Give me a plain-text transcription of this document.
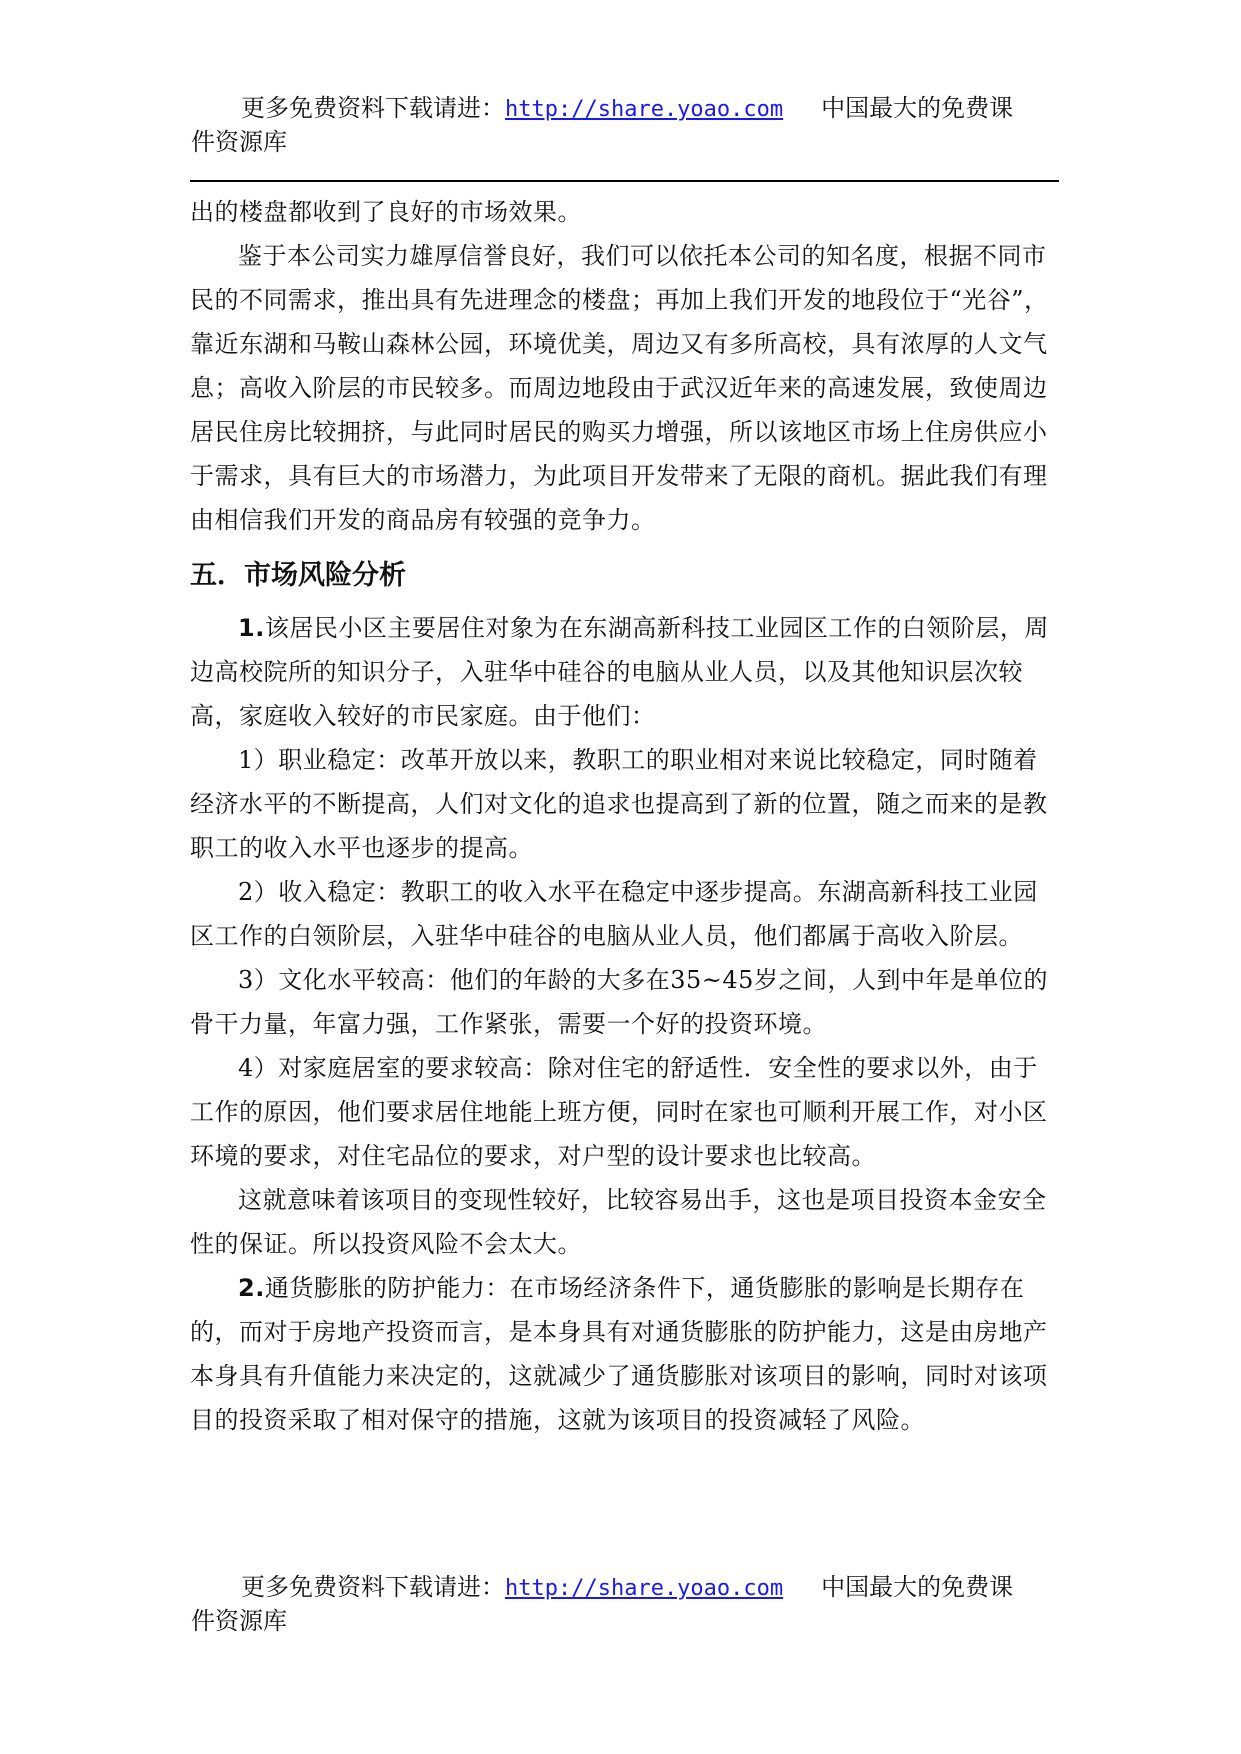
更多免费资料下载请进：http://share.yoao.com 中国最大的免费课
件资源库

出的楼盘都收到了良好的市场效果。

鉴于本公司实力雄厚信誉良好，我们可以依托本公司的知名度，根据不同市民的不同需求，推出具有先进理念的楼盘；再加上我们开发的地段位于“光谷”，靠近东湖和马鞍山森林公园，环境优美，周边又有多所高校，具有浓厚的人文气息；高收入阶层的市民较多。而周边地段由于武汉近年来的高速发展，致使周边居民住房比较拥挤，与此同时居民的购买力增强，所以该地区市场上住房供应小于需求，具有巨大的市场潜力，为此项目开发带来了无限的商机。据此我们有理由相信我们开发的商品房有较强的竞争力。

五．市场风险分析

1.该居民小区主要居住对象为在东湖高新科技工业园区工作的白领阶层，周边高校院所的知识分子，入驻华中硅谷的电脑从业人员，以及其他知识层次较高，家庭收入较好的市民家庭。由于他们：

1）职业稳定：改革开放以来，教职工的职业相对来说比较稳定，同时随着经济水平的不断提高，人们对文化的追求也提高到了新的位置，随之而来的是教职工的收入水平也逐步的提高。

2）收入稳定：教职工的收入水平在稳定中逐步提高。东湖高新科技工业园区工作的白领阶层，入驻华中硅谷的电脑从业人员，他们都属于高收入阶层。

3）文化水平较高：他们的年龄的大多在35~45岁之间，人到中年是单位的骨干力量，年富力强，工作紧张，需要一个好的投资环境。

4）对家庭居室的要求较高：除对住宅的舒适性．安全性的要求以外，由于工作的原因，他们要求居住地能上班方便，同时在家也可顺利开展工作，对小区环境的要求，对住宅品位的要求，对户型的设计要求也比较高。

这就意味着该项目的变现性较好，比较容易出手，这也是项目投资本金安全性的保证。所以投资风险不会太大。

2.通货膨胀的防护能力：在市场经济条件下，通货膨胀的影响是长期存在的，而对于房地产投资而言，是本身具有对通货膨胀的防护能力，这是由房地产本身具有升值能力来决定的，这就减少了通货膨胀对该项目的影响，同时对该项目的投资采取了相对保守的措施，这就为该项目的投资减轻了风险。

更多免费资料下载请进：http://share.yoao.com 中国最大的免费课
件资源库
